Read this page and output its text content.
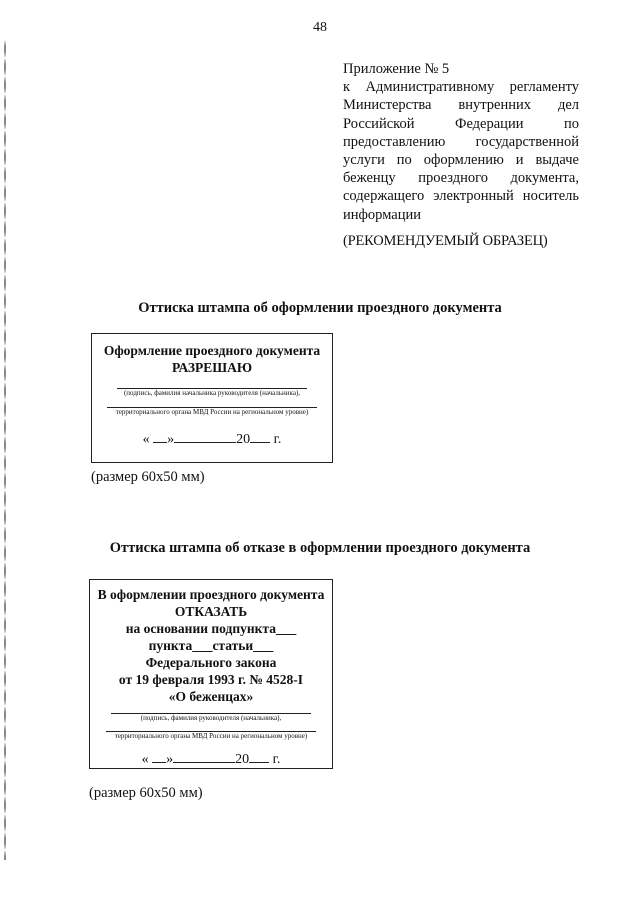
48
Приложение № 5
к Административному регламенту
Министерства внутренних дел
Российской Федерации по
предоставлению государственной
услуги по оформлению и выдаче
беженцу проездного документа,
содержащего электронный носитель
информации
(РЕКОМЕНДУЕМЫЙ ОБРАЗЕЦ)
Оттиска штампа об оформлении проездного документа
Оформление проездного документа
РАЗРЕШАЮ
(подпись, фамилия начальника руководителя (начальника),
территориального органа МВД России на региональном уровне)
« »	20 г.
(размер 60х50 мм)
Оттиска штампа об отказе в оформлении проездного документа
В оформлении проездного документа
ОТКАЗАТЬ
на основании подпункта___
пункта___статьи___
Федерального закона
от 19 февраля 1993 г. № 4528-I
«О беженцах»
(подпись, фамилия руководителя (начальника),
территориального органа МВД России на региональном уровне)
« »	20 г.
(размер 60х50 мм)
